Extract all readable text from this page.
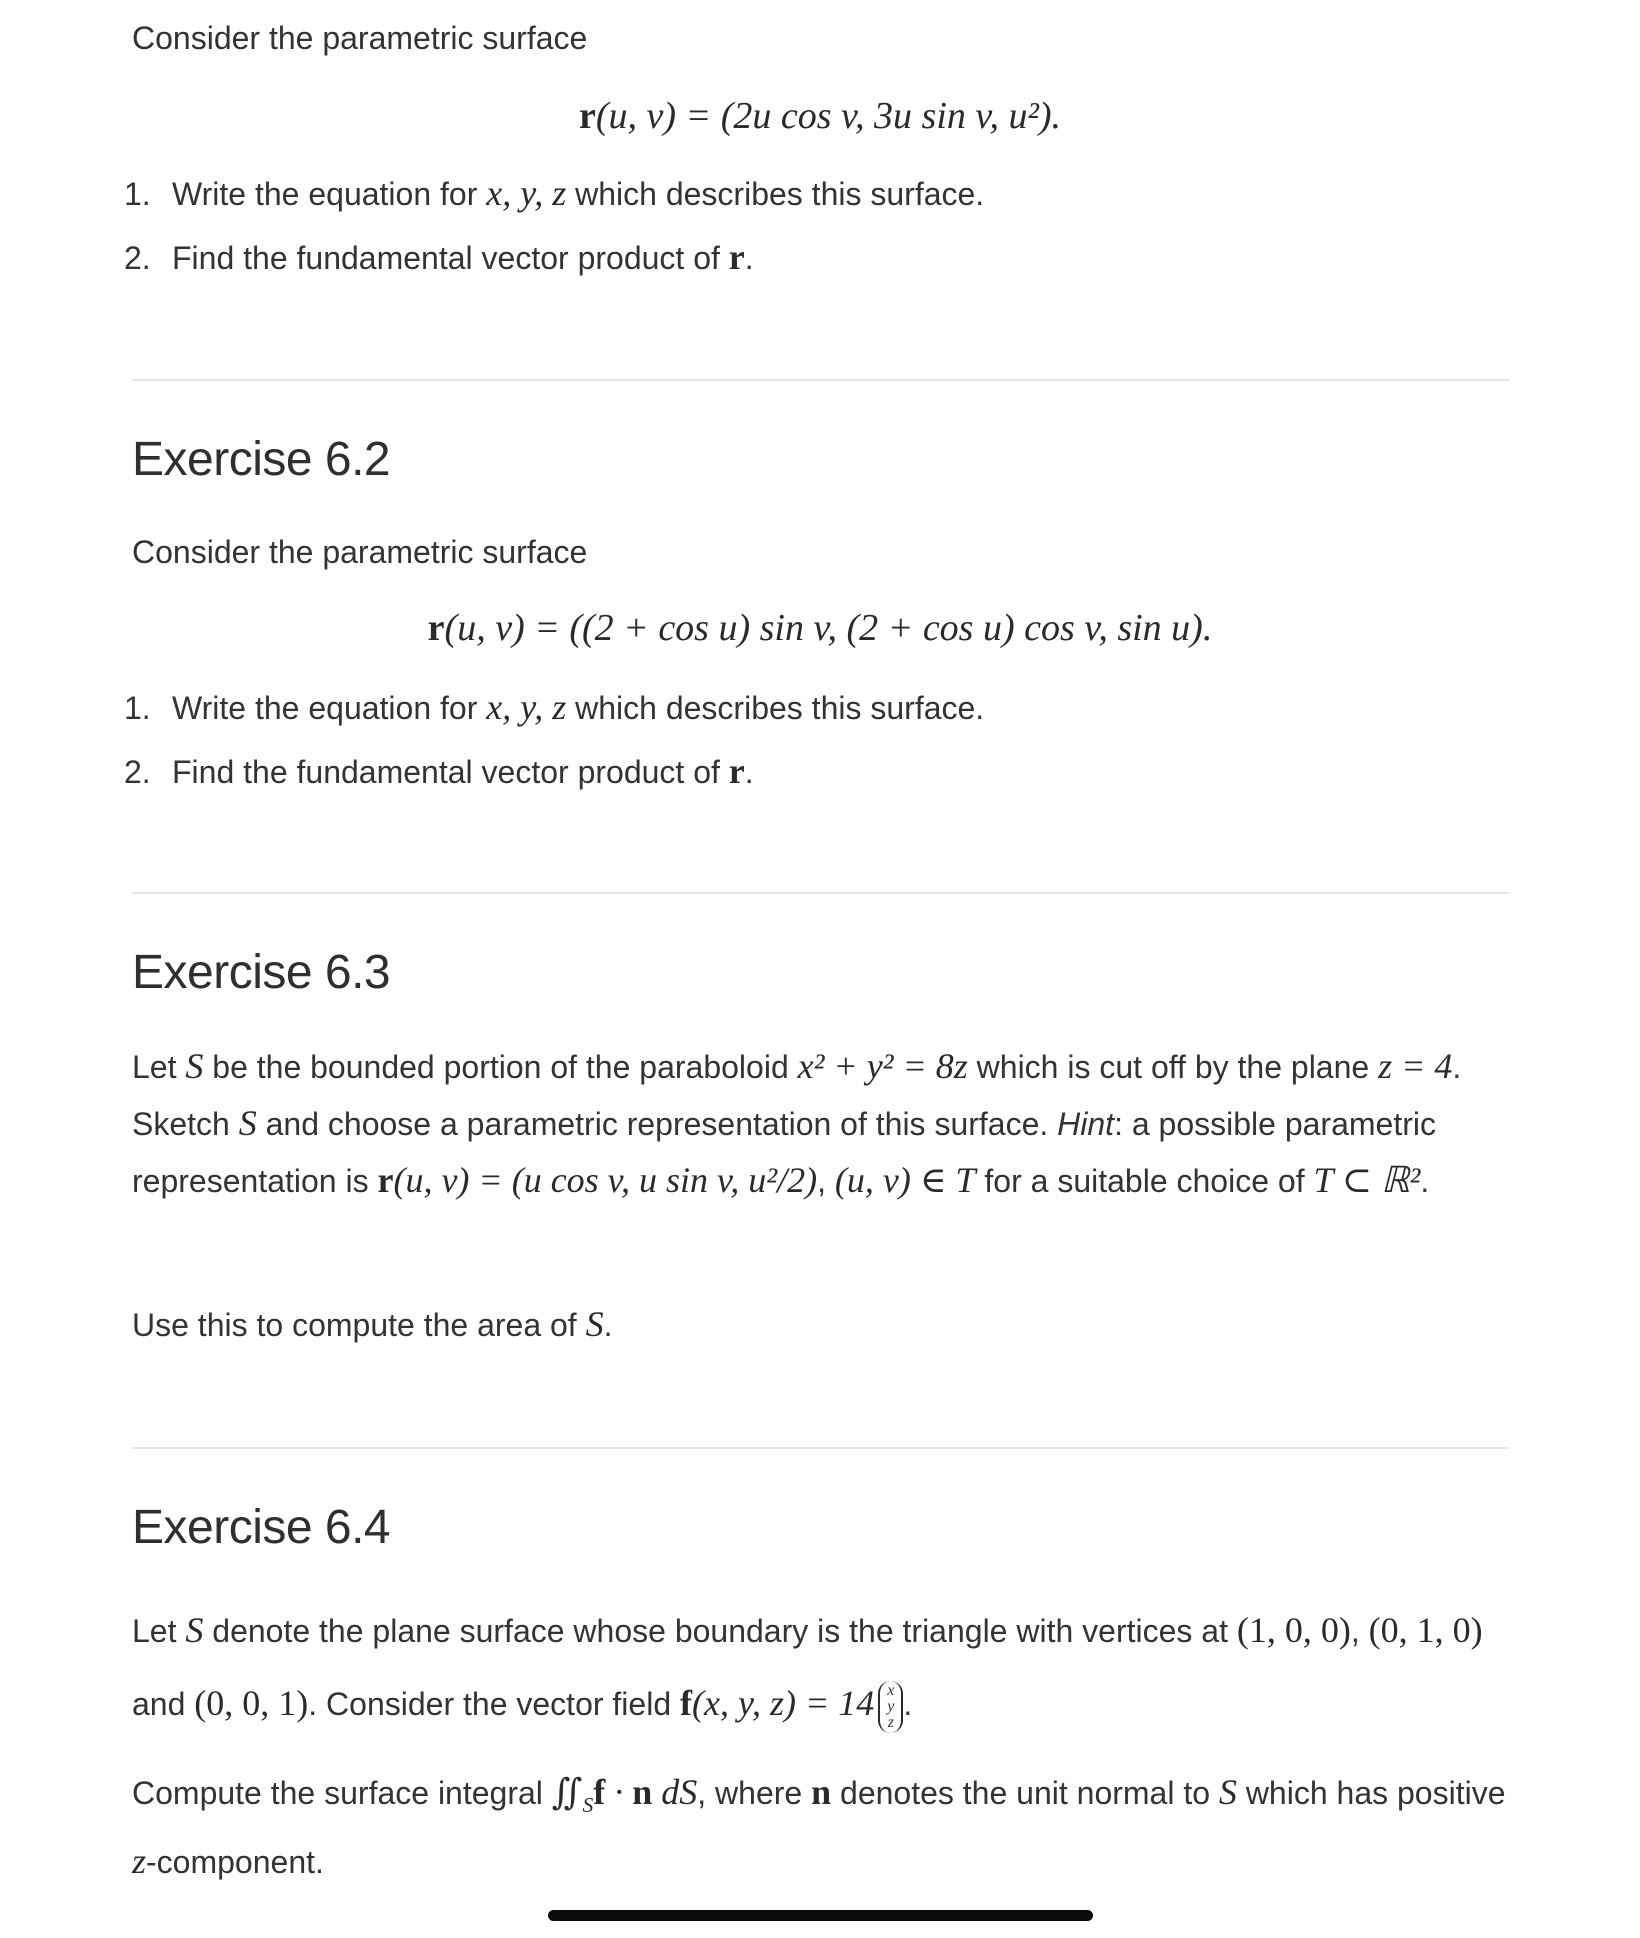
Consider the parametric surface
r(u, v) = (2u cos v, 3u sin v, u²).
1. Write the equation for x, y, z which describes this surface.
2. Find the fundamental vector product of r.
Exercise 6.2
Consider the parametric surface
r(u, v) = ((2 + cos u) sin v, (2 + cos u) cos v, sin u).
1. Write the equation for x, y, z which describes this surface.
2. Find the fundamental vector product of r.
Exercise 6.3
Let S be the bounded portion of the paraboloid x² + y² = 8z which is cut off by the plane z = 4. Sketch S and choose a parametric representation of this surface. Hint: a possible parametric representation is r(u, v) = (u cos v, u sin v, u²/2), (u, v) ∈ T for a suitable choice of T ⊂ ℝ².
Use this to compute the area of S.
Exercise 6.4
Let S denote the plane surface whose boundary is the triangle with vertices at (1, 0, 0), (0, 1, 0) and (0, 0, 1). Consider the vector field f(x, y, z) = 14 x
y
z.
Compute the surface integral $∬_Sf \cdot n$ dS, where n denotes the unit normal to S which has positive z-component.
